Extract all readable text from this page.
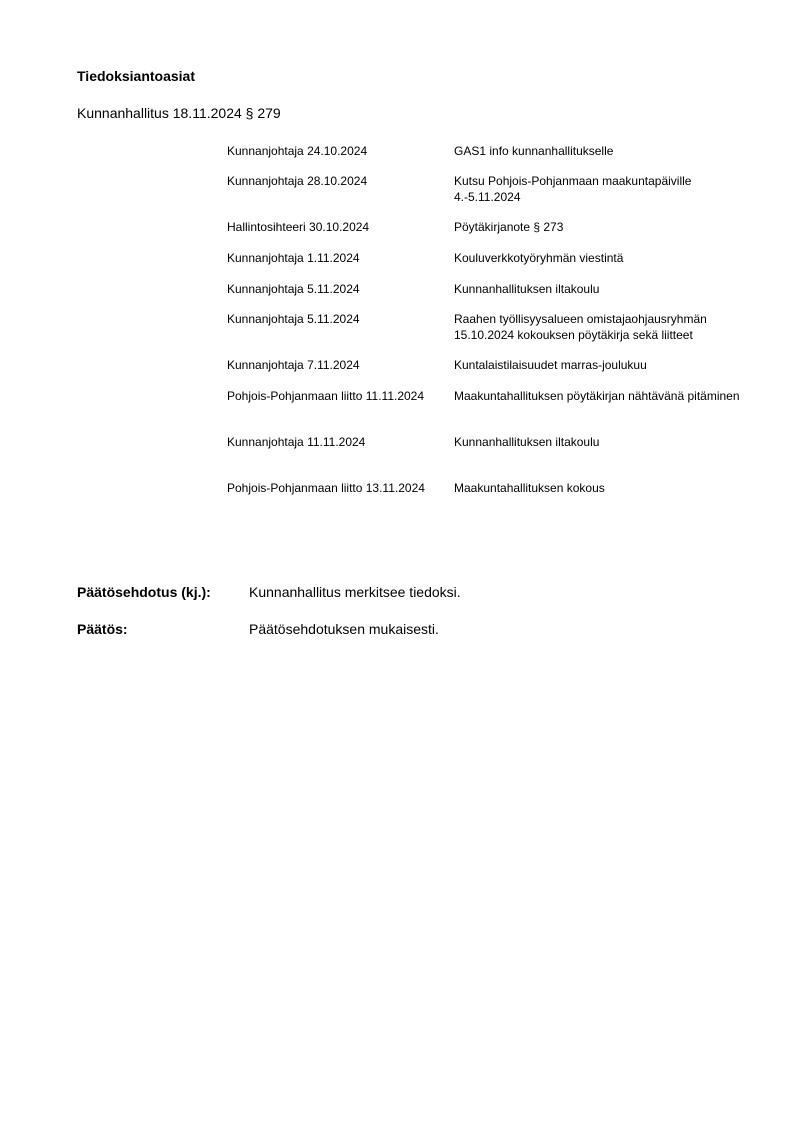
Tiedoksiantoasiat
Kunnanhallitus 18.11.2024 § 279
Kunnanjohtaja 24.10.2024	GAS1 info kunnanhallitukselle
Kunnanjohtaja 28.10.2024	Kutsu Pohjois-Pohjanmaan maakuntapäiville 4.-5.11.2024
Hallintosihteeri 30.10.2024	Pöytäkirjanote § 273
Kunnanjohtaja 1.11.2024	Kouluverkkotyöryhmän viestintä
Kunnanjohtaja 5.11.2024	Kunnanhallituksen iltakoulu
Kunnanjohtaja 5.11.2024	Raahen työllisyysalueen omistajaohjausryhmän 15.10.2024 kokouksen pöytäkirja sekä liitteet
Kunnanjohtaja 7.11.2024	Kuntalaistilaisuudet marras-joulukuu
Pohjois-Pohjanmaan liitto 11.11.2024	Maakuntahallituksen pöytäkirjan nähtävänä pitäminen
Kunnanjohtaja 11.11.2024	Kunnanhallituksen iltakoulu
Pohjois-Pohjanmaan liitto 13.11.2024	Maakuntahallituksen kokous
Päätösehdotus (kj.):	Kunnanhallitus merkitsee tiedoksi.
Päätös:	Päätösehdotuksen mukaisesti.
